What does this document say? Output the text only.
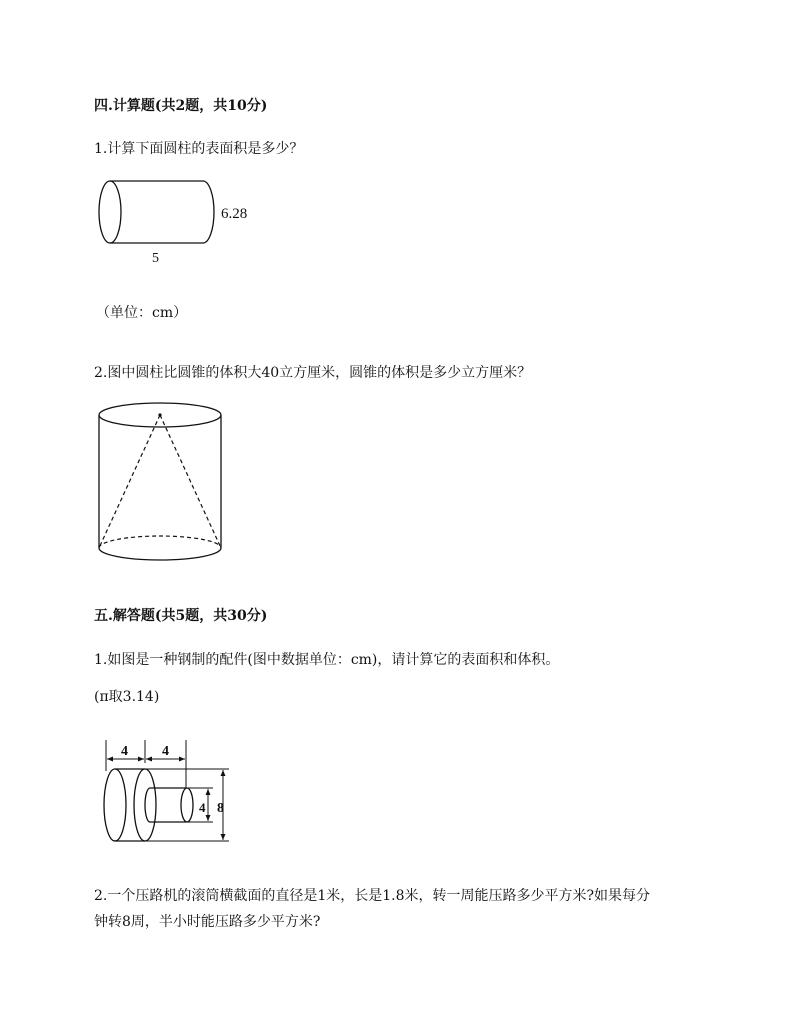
四.计算题(共2题，共10分)
1.计算下面圆柱的表面积是多少？
6.28
5
（单位：cm）
2.图中圆柱比圆锥的体积大40立方厘米，圆锥的体积是多少立方厘米？
五.解答题(共5题，共30分)
1.如图是一种钢制的配件(图中数据单位：cm)，请计算它的表面积和体积。
(π取3.14)
4 4
8
4
2.一个压路机的滚筒横截面的直径是1米，长是1.8米，转一周能压路多少平方米?如果每分
钟转8周，半小时能压路多少平方米?
